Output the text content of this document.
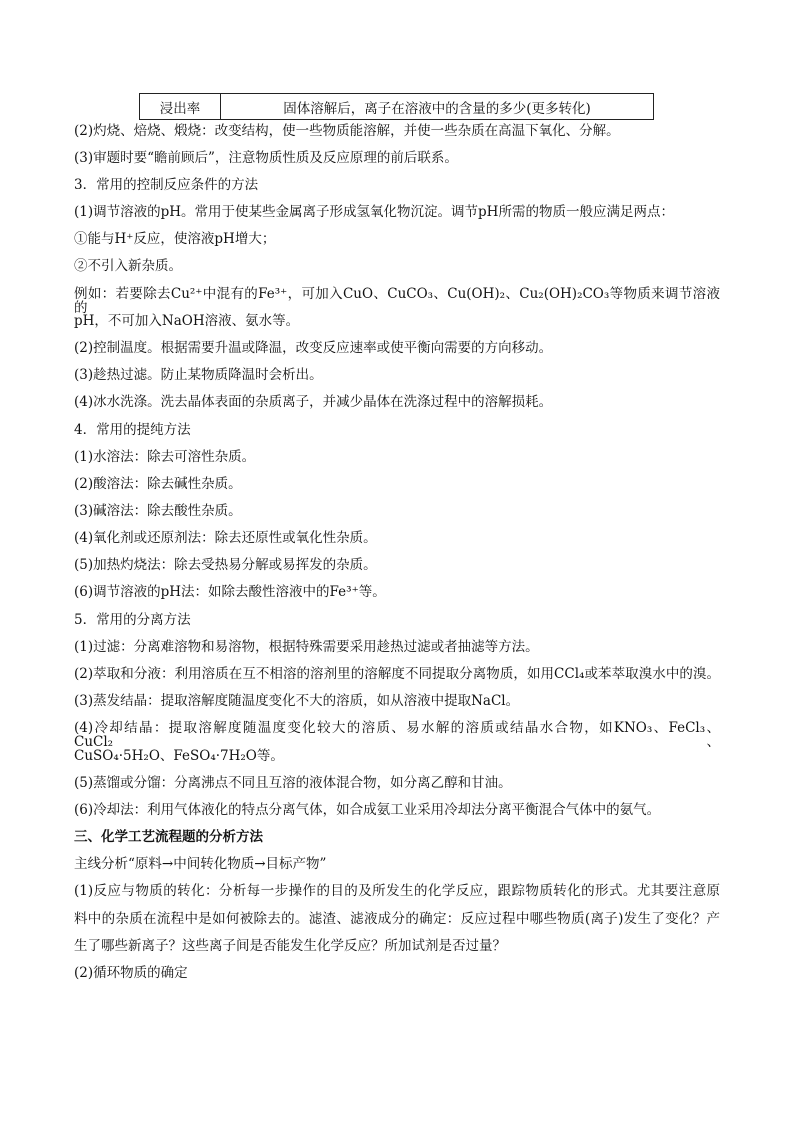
浸出率	固体溶解后，离子在溶液中的含量的多少(更多转化)
(2)灼烧、焙烧、煅烧：改变结构，使一些物质能溶解，并使一些杂质在高温下氧化、分解。
(3)审题时要“瞻前顾后”，注意物质性质及反应原理的前后联系。
3．常用的控制反应条件的方法
(1)调节溶液的pH。常用于使某些金属离子形成氢氧化物沉淀。调节pH所需的物质一般应满足两点：
①能与H⁺反应，使溶液pH增大；
②不引入新杂质。
例如：若要除去Cu²⁺中混有的Fe³⁺，可加入CuO、CuCO₃、Cu(OH)₂、Cu₂(OH)₂CO₃等物质来调节溶液的
pH，不可加入NaOH溶液、氨水等。
(2)控制温度。根据需要升温或降温，改变反应速率或使平衡向需要的方向移动。
(3)趁热过滤。防止某物质降温时会析出。
(4)冰水洗涤。洗去晶体表面的杂质离子，并减少晶体在洗涤过程中的溶解损耗。
4．常用的提纯方法
(1)水溶法：除去可溶性杂质。
(2)酸溶法：除去碱性杂质。
(3)碱溶法：除去酸性杂质。
(4)氧化剂或还原剂法：除去还原性或氧化性杂质。
(5)加热灼烧法：除去受热易分解或易挥发的杂质。
(6)调节溶液的pH法：如除去酸性溶液中的Fe³⁺等。
5．常用的分离方法
(1)过滤：分离难溶物和易溶物，根据特殊需要采用趁热过滤或者抽滤等方法。
(2)萃取和分液：利用溶质在互不相溶的溶剂里的溶解度不同提取分离物质，如用CCl₄或苯萃取溴水中的溴。
(3)蒸发结晶：提取溶解度随温度变化不大的溶质，如从溶液中提取NaCl。
(4)冷却结晶：提取溶解度随温度变化较大的溶质、易水解的溶质或结晶水合物，如KNO₃、FeCl₃、CuCl₂、
CuSO₄·5H₂O、FeSO₄·7H₂O等。
(5)蒸馏或分馏：分离沸点不同且互溶的液体混合物，如分离乙醇和甘油。
(6)冷却法：利用气体液化的特点分离气体，如合成氨工业采用冷却法分离平衡混合气体中的氨气。
三、化学工艺流程题的分析方法
主线分析“原料→中间转化物质→目标产物”
(1)反应与物质的转化：分析每一步操作的目的及所发生的化学反应，跟踪物质转化的形式。尤其要注意原
料中的杂质在流程中是如何被除去的。滤渣、滤液成分的确定：反应过程中哪些物质(离子)发生了变化？产
生了哪些新离子？这些离子间是否能发生化学反应？所加试剂是否过量？
(2)循环物质的确定
